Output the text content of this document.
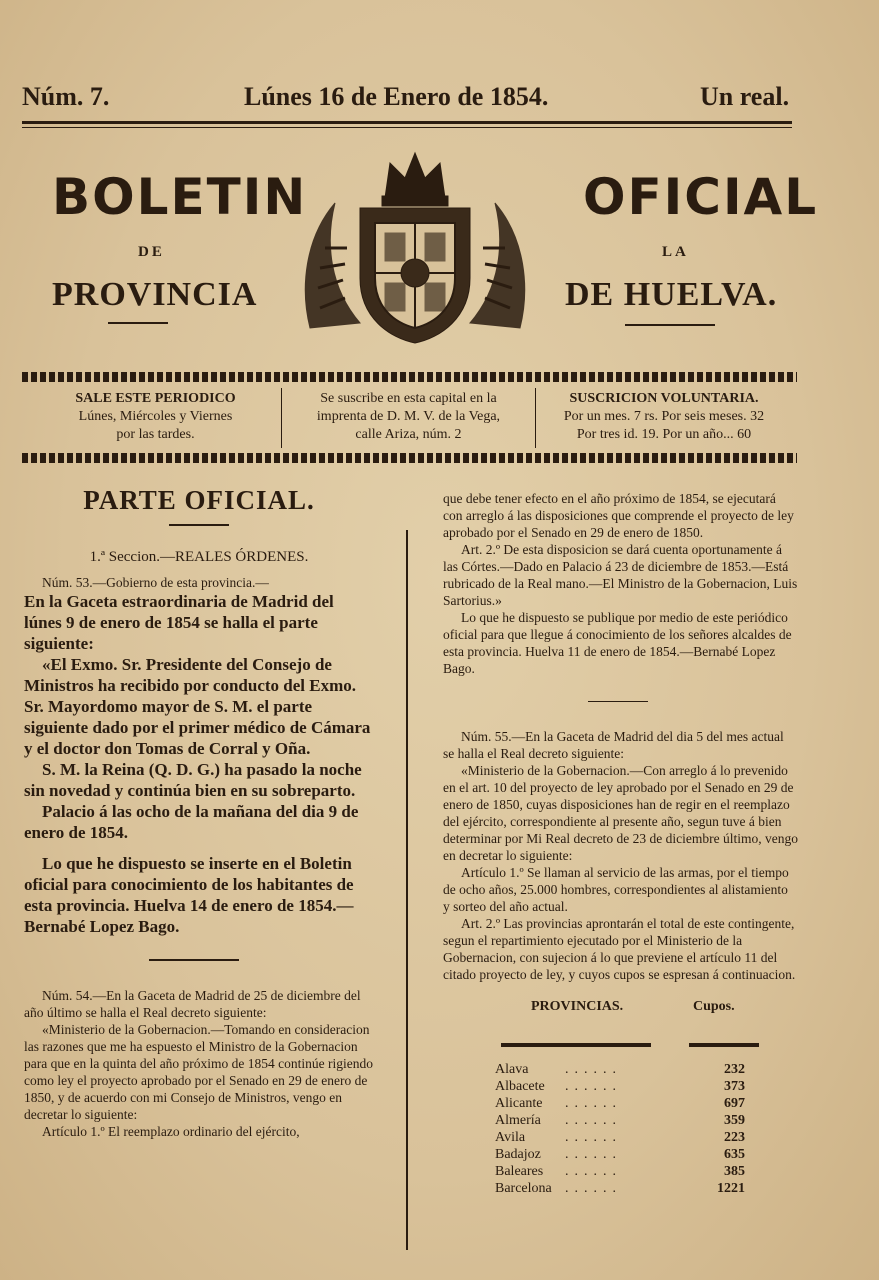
Núm. 7.	Lúnes 16 de Enero de 1854.	Un real.
BOLETIN	OFICIAL
DE	LA
PROVINCIA	DE HUELVA.
SALE ESTE PERIODICO
Lúnes, Miércoles y Viernes
por las tardes.
Se suscribe en esta capital en la
imprenta de D. M. V. de la Vega,
calle Ariza, núm. 2
SUSCRICION VOLUNTARIA.
Por un mes. 7 rs. Por seis meses. 32
Por tres id. 19. Por un año... 60

PARTE OFICIAL.

1.ª Seccion.—REALES ÓRDENES.

Núm. 53.—Gobierno de esta provincia.—

En la Gaceta estraordinaria de Madrid del lúnes 9 de enero de 1854 se halla el parte siguiente:

«El Exmo. Sr. Presidente del Consejo de Ministros ha recibido por conducto del Exmo. Sr. Mayordomo mayor de S. M. el parte siguiente dado por el primer médico de Cámara y el doctor don Tomas de Corral y Oña.

S. M. la Reina (Q. D. G.) ha pasado la noche sin novedad y continúa bien en su sobreparto.

Palacio á las ocho de la mañana del dia 9 de enero de 1854.

Lo que he dispuesto se inserte en el Boletin oficial para conocimiento de los habitantes de esta provincia. Huelva 14 de enero de 1854.—Bernabé Lopez Bago.

Núm. 54.—En la Gaceta de Madrid de 25 de diciembre del año último se halla el Real decreto siguiente:

«Ministerio de la Gobernacion.—Tomando en consideracion las razones que me ha espuesto el Ministro de la Gobernacion para que en la quinta del año próximo de 1854 continúe rigiendo como ley el proyecto aprobado por el Senado en 29 de enero de 1850, y de acuerdo con mi Consejo de Ministros, vengo en decretar lo siguiente:

Artículo 1.º El reemplazo ordinario del ejército,

que debe tener efecto en el año próximo de 1854, se ejecutará con arreglo á las disposiciones que comprende el proyecto de ley aprobado por el Senado en 29 de enero de 1850.

Art. 2.º De esta disposicion se dará cuenta oportunamente á las Córtes.—Dado en Palacio á 23 de diciembre de 1853.—Está rubricado de la Real mano.—El Ministro de la Gobernacion, Luis Sartorius.»

Lo que he dispuesto se publique por medio de este periódico oficial para que llegue á conocimiento de los señores alcaldes de esta provincia. Huelva 11 de enero de 1854.—Bernabé Lopez Bago.

Núm. 55.—En la Gaceta de Madrid del dia 5 del mes actual se halla el Real decreto siguiente:

«Ministerio de la Gobernacion.—Con arreglo á lo prevenido en el art. 10 del proyecto de ley aprobado por el Senado en 29 de enero de 1850, cuyas disposiciones han de regir en el reemplazo del ejército, correspondiente al presente año, segun tuve á bien determinar por Mi Real decreto de 23 de diciembre último, vengo en decretar lo siguiente:

Artículo 1.º Se llaman al servicio de las armas, por el tiempo de ocho años, 25.000 hombres, correspondientes al alistamiento y sorteo del año actual.

Art. 2.º Las provincias aprontarán el total de este contingente, segun el repartimiento ejecutado por el Ministerio de la Gobernacion, con sujecion á lo que previene el artículo 11 del citado proyecto de ley, y cuyos cupos se espresan á continuacion.

PROVINCIAS.	Cupos.
Alava	......	232
Albacete	......	373
Alicante	......	697
Almería	......	359
Avila	......	223
Badajoz	......	635
Baleares	......	385
Barcelona	......	1221
